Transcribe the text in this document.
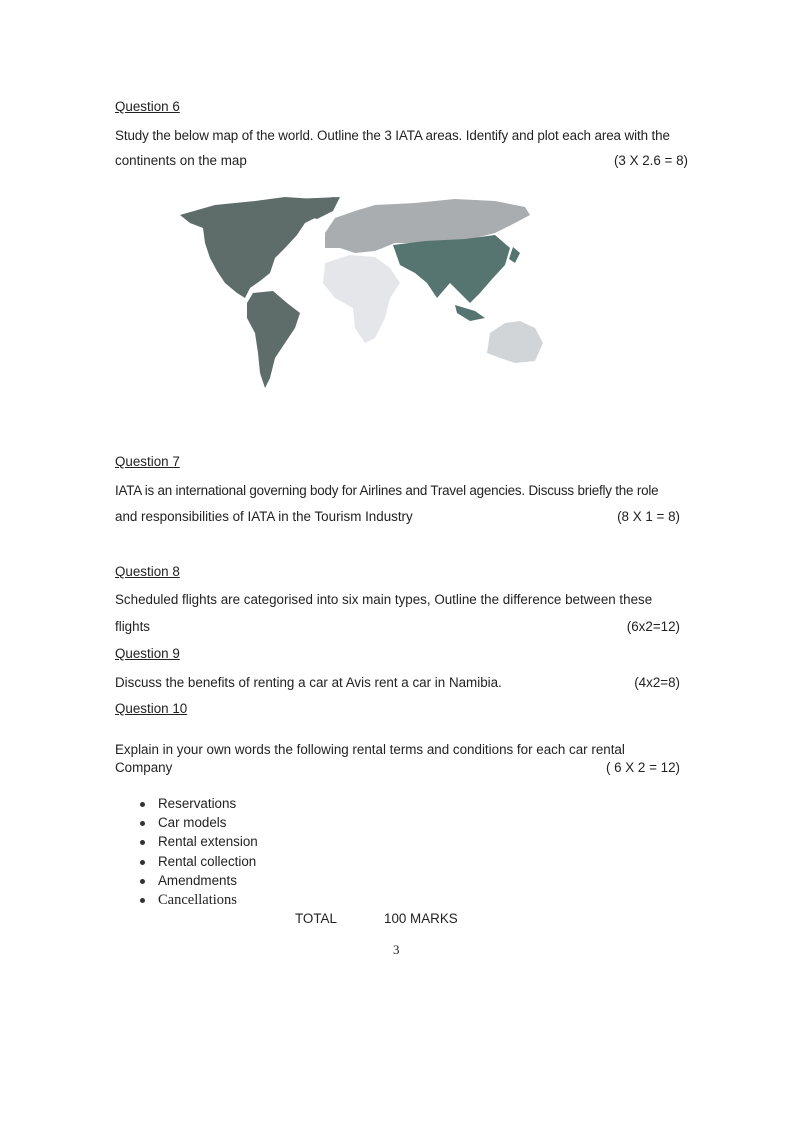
Question 6
Study the below map of the world. Outline the 3 IATA areas. Identify and plot each area with the
continents on the map	(3 X 2.6 = 8)
Question 7
IATA is an international governing body for Airlines and Travel agencies. Discuss briefly the role
and responsibilities of IATA in the Tourism Industry	(8 X 1 = 8)
Question 8
Scheduled flights are categorised into six main types, Outline the difference between these
flights	(6x2=12)
Question 9
Discuss the benefits of renting a car at Avis rent a car in Namibia.	(4x2=8)
Question 10
Explain in your own words the following rental terms and conditions for each car rental
Company	( 6 X 2 = 12)
Reservations
Car models
Rental extension
Rental collection
Amendments
Cancellations
TOTAL	100 MARKS
3
